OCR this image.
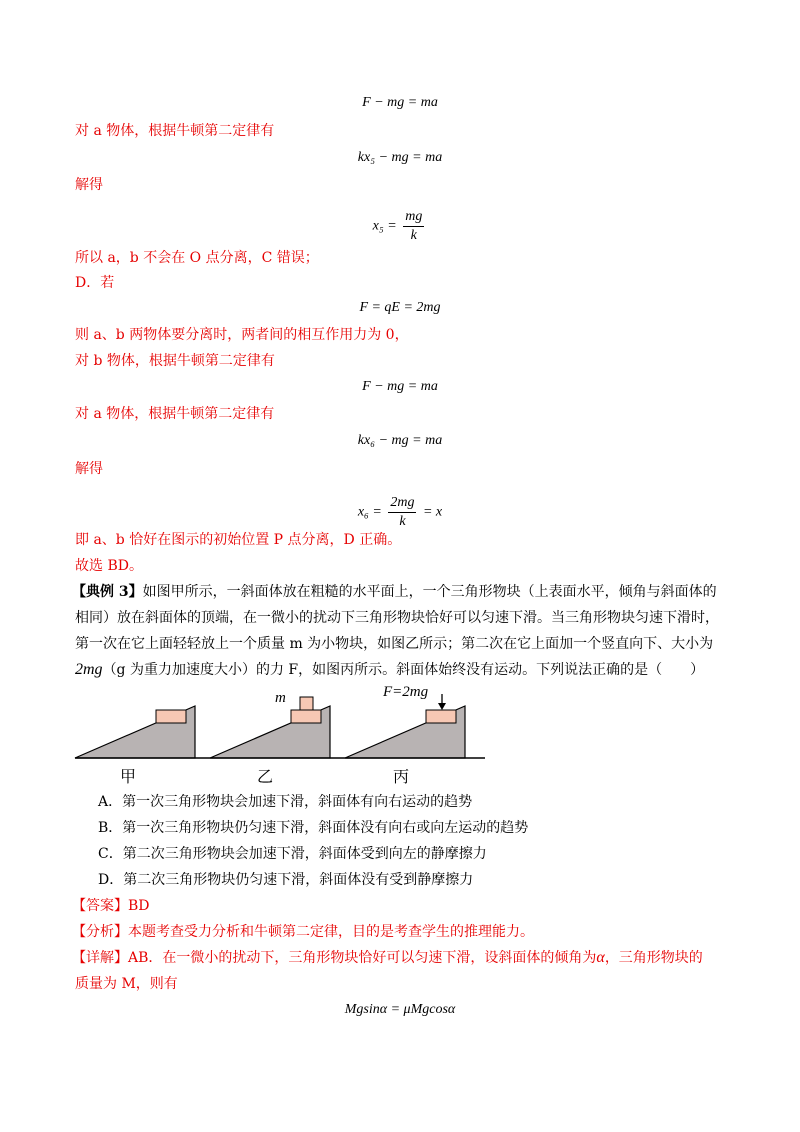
F − mg = ma
对 a 物体，根据牛顿第二定律有
kx₅ − mg = ma
解得
$x_5 = \frac{mg}{k}$
所以 a，b 不会在 O 点分离，C 错误；
D．若
F = qE = 2mg
则 a、b 两物体要分离时，两者间的相互作用力为 0，
对 b 物体，根据牛顿第二定律有
F − mg = ma
对 a 物体，根据牛顿第二定律有
kx₆ − mg = ma
解得
$x_6 = \frac{2mg}{k} = x$
即 a、b 恰好在图示的初始位置 P 点分离，D 正确。
故选 BD。
【典例 3】如图甲所示，一斜面体放在粗糙的水平面上，一个三角形物块（上表面水平，倾角与斜面体的
相同）放在斜面体的顶端，在一微小的扰动下三角形物块恰好可以匀速下滑。当三角形物块匀速下滑时，
第一次在它上面轻轻放上一个质量 m 为小物块，如图乙所示；第二次在它上面加一个竖直向下、大小为
2mg（g 为重力加速度大小）的力 F，如图丙所示。斜面体始终没有运动。下列说法正确的是（　　）
m	F=2mg
甲	乙	丙
A．第一次三角形物块会加速下滑，斜面体有向右运动的趋势
B．第一次三角形物块仍匀速下滑，斜面体没有向右或向左运动的趋势
C．第二次三角形物块会加速下滑，斜面体受到向左的静摩擦力
D．第二次三角形物块仍匀速下滑，斜面体没有受到静摩擦力
【答案】BD
【分析】本题考查受力分析和牛顿第二定律，目的是考查学生的推理能力。
【详解】AB．在一微小的扰动下，三角形物块恰好可以匀速下滑，设斜面体的倾角为α，三角形物块的
质量为 M，则有
Mgsinα = μMgcosα
